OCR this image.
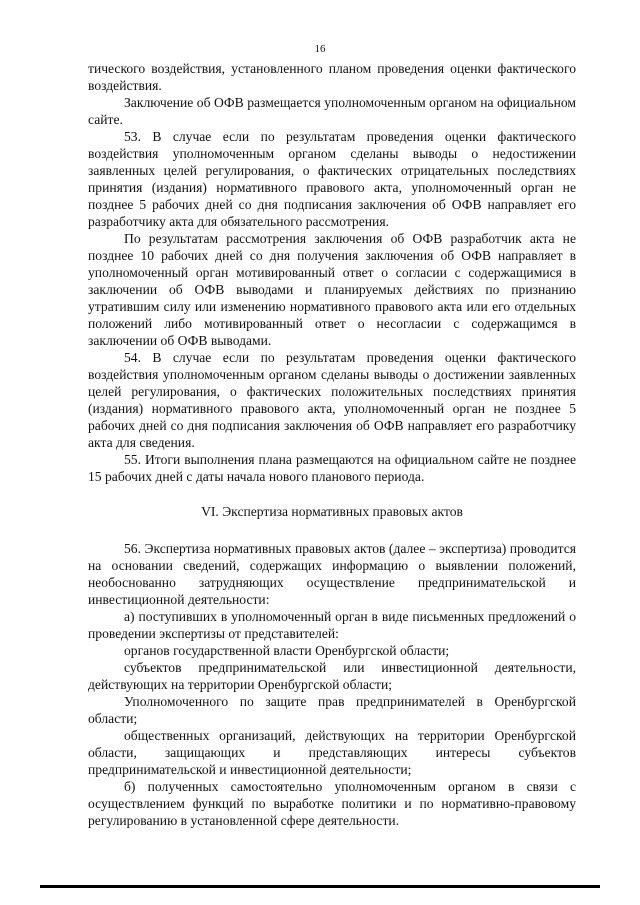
16

тического воздействия, установленного планом проведения оценки фактического воздействия.

Заключение об ОФВ размещается уполномоченным органом на официальном сайте.

53. В случае если по результатам проведения оценки фактического воздействия уполномоченным органом сделаны выводы о недостижении заявленных целей регулирования, о фактических отрицательных последствиях принятия (издания) нормативного правового акта, уполномоченный орган не позднее 5 рабочих дней со дня подписания заключения об ОФВ направляет его разработчику акта для обязательного рассмотрения.

По результатам рассмотрения заключения об ОФВ разработчик акта не позднее 10 рабочих дней со дня получения заключения об ОФВ направляет в уполномоченный орган мотивированный ответ о согласии с содержащимися в заключении об ОФВ выводами и планируемых действиях по признанию утратившим силу или изменению нормативного правового акта или его отдельных положений либо мотивированный ответ о несогласии с содержащимся в заключении об ОФВ выводами.

54. В случае если по результатам проведения оценки фактического воздействия уполномоченным органом сделаны выводы о достижении заявленных целей регулирования, о фактических положительных последствиях принятия (издания) нормативного правового акта, уполномоченный орган не позднее 5 рабочих дней со дня подписания заключения об ОФВ направляет его разработчику акта для сведения.

55. Итоги выполнения плана размещаются на официальном сайте не позднее 15 рабочих дней с даты начала нового планового периода.

VI. Экспертиза нормативных правовых актов

56. Экспертиза нормативных правовых актов (далее – экспертиза) проводится на основании сведений, содержащих информацию о выявлении положений, необоснованно затрудняющих осуществление предпринимательской и инвестиционной деятельности:

а) поступивших в уполномоченный орган в виде письменных предложений о проведении экспертизы от представителей:

органов государственной власти Оренбургской области;

субъектов предпринимательской или инвестиционной деятельности, действующих на территории Оренбургской области;

Уполномоченного по защите прав предпринимателей в Оренбургской области;

общественных организаций, действующих на территории Оренбургской области, защищающих и представляющих интересы субъектов предпринимательской и инвестиционной деятельности;

б) полученных самостоятельно уполномоченным органом в связи с осуществлением функций по выработке политики и по нормативно-правовому регулированию в установленной сфере деятельности.
